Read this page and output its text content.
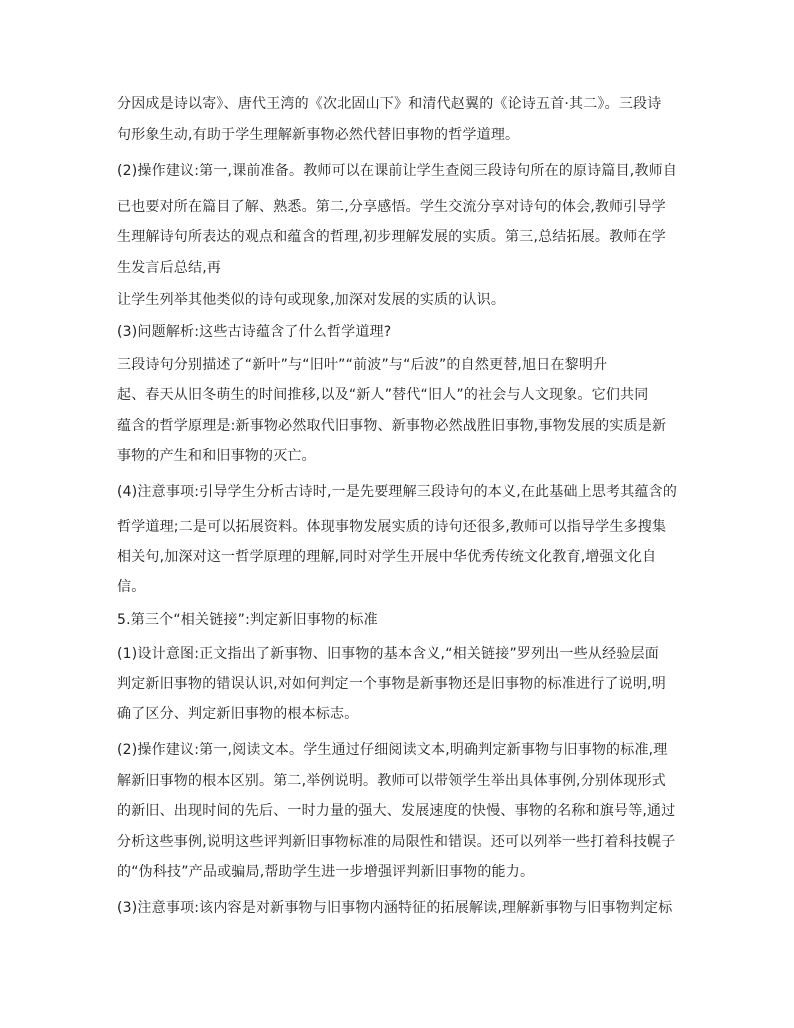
分因成是诗以寄》、唐代王湾的《次北固山下》和清代赵翼的《论诗五首·其二》。三段诗

句形象生动,有助于学生理解新事物必然代替旧事物的哲学道理。

(2)操作建议:第一,课前准备。教师可以在课前让学生查阅三段诗句所在的原诗篇目,教师自

已也要对所在篇目了解、熟悉。第二,分享感悟。学生交流分享对诗句的体会,教师引导学

生理解诗句所表达的观点和蕴含的哲理,初步理解发展的实质。第三,总结拓展。教师在学

生发言后总结,再

让学生列举其他类似的诗句或现象,加深对发展的实质的认识。

(3)问题解析:这些古诗蕴含了什么哲学道理?

三段诗句分别描述了“新叶”与“旧叶”“前波”与“后波”的自然更替,旭日在黎明升

起、春天从旧冬萌生的时间推移,以及“新人”替代“旧人”的社会与人文现象。它们共同

蕴含的哲学原理是:新事物必然取代旧事物、新事物必然战胜旧事物,事物发展的实质是新

事物的产生和和旧事物的灭亡。

(4)注意事项:引导学生分析古诗时,一是先要理解三段诗句的本义,在此基础上思考其蕴含的

哲学道理;二是可以拓展资料。体现事物发展实质的诗句还很多,教师可以指导学生多搜集

相关句,加深对这一哲学原理的理解,同时对学生开展中华优秀传统文化教育,增强文化自

信。

5.第三个“相关链接”:判定新旧事物的标准

(1)设计意图:正文指出了新事物、旧事物的基本含义,“相关链接”罗列出一些从经验层面

判定新旧事物的错误认识,对如何判定一个事物是新事物还是旧事物的标准进行了说明,明

确了区分、判定新旧事物的根本标志。

(2)操作建议:第一,阅读文本。学生通过仔细阅读文本,明确判定新事物与旧事物的标准,理

解新旧事物的根本区别。第二,举例说明。教师可以带领学生举出具体事例,分别体现形式

的新旧、出现时间的先后、一时力量的强大、发展速度的快慢、事物的名称和旗号等,通过

分析这些事例,说明这些评判新旧事物标准的局限性和错误。还可以列举一些打着科技幌子

的“伪科技”产品或骗局,帮助学生进一步增强评判新旧事物的能力。

(3)注意事项:该内容是对新事物与旧事物内涵特征的拓展解读,理解新事物与旧事物判定标
